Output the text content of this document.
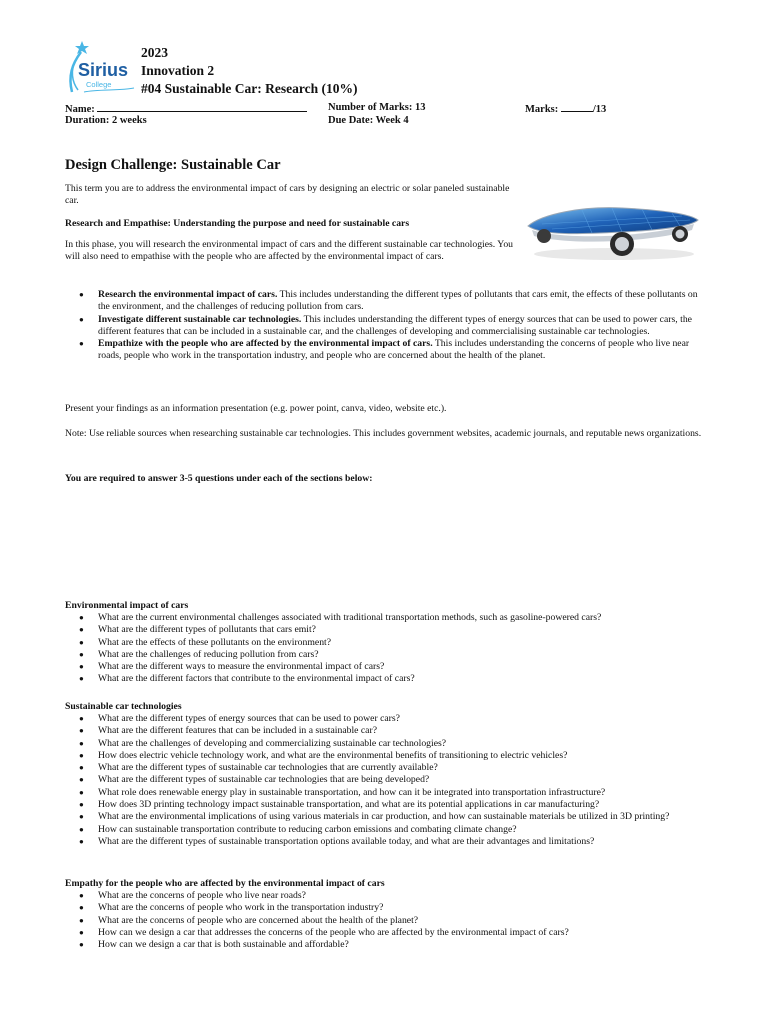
Sirius
College
2023
Innovation 2
#04 Sustainable Car: Research (10%)
Name:	Number of Marks: 13	Marks:	/13
Duration: 2 weeks	Due Date: Week 4
Design Challenge: Sustainable Car
This term you are to address the environmental impact of cars by designing an electric or solar paneled sustainable car.
Research and Empathise: Understanding the purpose and need for sustainable cars
In this phase, you will research the environmental impact of cars and the different sustainable car technologies. You will also need to empathise with the people who are affected by the environmental impact of cars.
● Research the environmental impact of cars. This includes understanding the different types of pollutants that cars emit, the effects of these pollutants on the environment, and the challenges of reducing pollution from cars.
● Investigate different sustainable car technologies. This includes understanding the different types of energy sources that can be used to power cars, the different features that can be included in a sustainable car, and the challenges of developing and commercialising sustainable car technologies.
● Empathize with the people who are affected by the environmental impact of cars. This includes understanding the concerns of people who live near roads, people who work in the transportation industry, and people who are concerned about the health of the planet.
Present your findings as an information presentation (e.g. power point, canva, video, website etc.).
Note: Use reliable sources when researching sustainable car technologies. This includes government websites, academic journals, and reputable news organizations.
You are required to answer 3-5 questions under each of the sections below:
Environmental impact of cars
● What are the current environmental challenges associated with traditional transportation methods, such as gasoline-powered cars?
● What are the different types of pollutants that cars emit?
● What are the effects of these pollutants on the environment?
● What are the challenges of reducing pollution from cars?
● What are the different ways to measure the environmental impact of cars?
● What are the different factors that contribute to the environmental impact of cars?
Sustainable car technologies
● What are the different types of energy sources that can be used to power cars?
● What are the different features that can be included in a sustainable car?
● What are the challenges of developing and commercializing sustainable car technologies?
● How does electric vehicle technology work, and what are the environmental benefits of transitioning to electric vehicles?
● What are the different types of sustainable car technologies that are currently available?
● What are the different types of sustainable car technologies that are being developed?
● What role does renewable energy play in sustainable transportation, and how can it be integrated into transportation infrastructure?
● How does 3D printing technology impact sustainable transportation, and what are its potential applications in car manufacturing?
● What are the environmental implications of using various materials in car production, and how can sustainable materials be utilized in 3D printing?
● How can sustainable transportation contribute to reducing carbon emissions and combating climate change?
● What are the different types of sustainable transportation options available today, and what are their advantages and limitations?
Empathy for the people who are affected by the environmental impact of cars
● What are the concerns of people who live near roads?
● What are the concerns of people who work in the transportation industry?
● What are the concerns of people who are concerned about the health of the planet?
● How can we design a car that addresses the concerns of the people who are affected by the environmental impact of cars?
● How can we design a car that is both sustainable and affordable?
